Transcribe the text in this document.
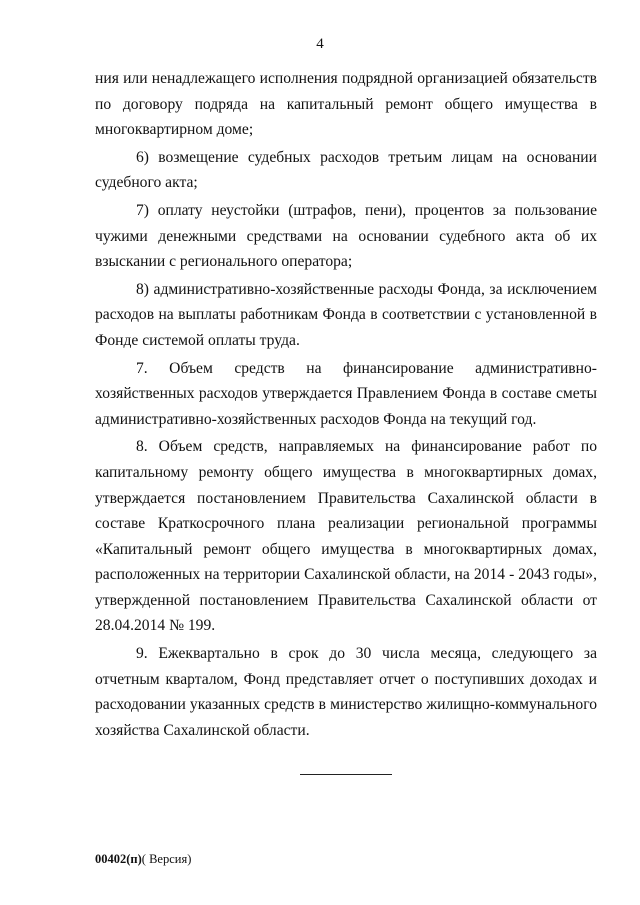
4

ния или ненадлежащего исполнения подрядной организацией обязательств по договору подряда на капитальный ремонт общего имущества в многоквартирном доме;

6) возмещение судебных расходов третьим лицам на основании судебного акта;

7) оплату неустойки (штрафов, пени), процентов за пользование чужими денежными средствами на основании судебного акта об их взыскании с регионального оператора;

8) административно-хозяйственные расходы Фонда, за исключением расходов на выплаты работникам Фонда в соответствии с установленной в Фонде системой оплаты труда.

7. Объем средств на финансирование административно-хозяйственных расходов утверждается Правлением Фонда в составе сметы административно-хозяйственных расходов Фонда на текущий год.

8. Объем средств, направляемых на финансирование работ по капитальному ремонту общего имущества в многоквартирных домах, утверждается постановлением Правительства Сахалинской области в составе Краткосрочного плана реализации региональной программы «Капитальный ремонт общего имущества в многоквартирных домах, расположенных на территории Сахалинской области, на 2014 - 2043 годы», утвержденной постановлением Правительства Сахалинской области от 28.04.2014 № 199.

9. Ежеквартально в срок до 30 числа месяца, следующего за отчетным кварталом, Фонд представляет отчет о поступивших доходах и расходовании указанных средств в министерство жилищно-коммунального хозяйства Сахалинской области.

00402(п)( Версия)
